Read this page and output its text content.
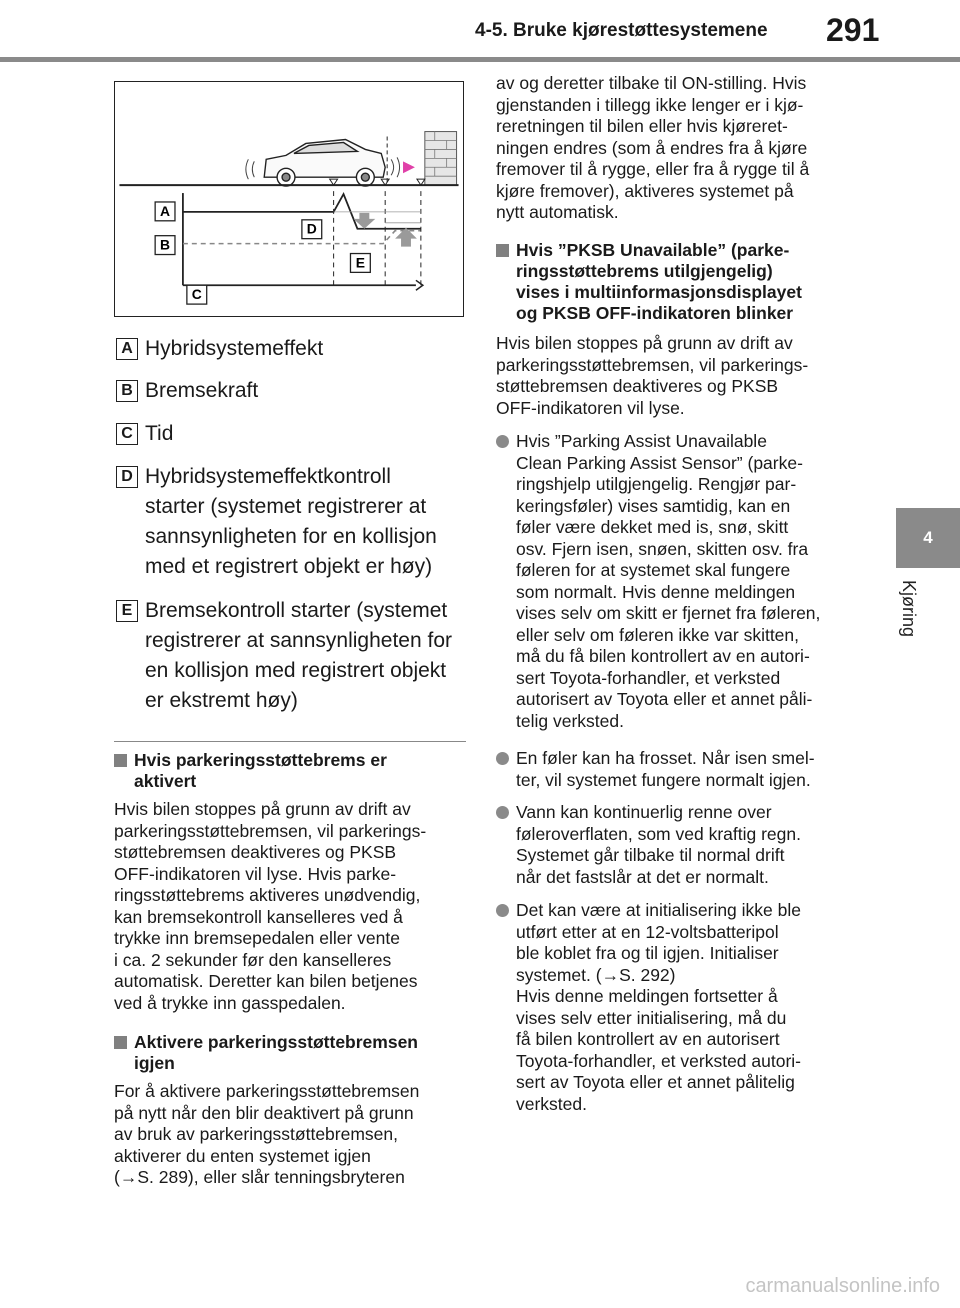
4-5. Bruke kjørestøttesystemene 291
4
Kjøring
A
B
C
D
E
A Hybridsystemeffekt
B Bremsekraft
C Tid
D Hybridsystemeffektkontroll
starter (systemet registrerer at
sannsynligheten for en kollisjon
med et registrert objekt er høy)
E Bremsekontroll starter (systemet
registrerer at sannsynligheten for
en kollisjon med registrert objekt
er ekstremt høy)
Hvis parkeringsstøttebrems er
aktivert
Hvis bilen stoppes på grunn av drift av
parkeringsstøttebremsen, vil parkerings-
støttebremsen deaktiveres og PKSB
OFF-indikatoren vil lyse. Hvis parke-
ringsstøttebrems aktiveres unødvendig,
kan bremsekontroll kanselleres ved å
trykke inn bremsepedalen eller vente
i ca. 2 sekunder før den kanselleres
automatisk. Deretter kan bilen betjenes
ved å trykke inn gasspedalen.
Aktivere parkeringsstøttebremsen
igjen
For å aktivere parkeringsstøttebremsen
på nytt når den blir deaktivert på grunn
av bruk av parkeringsstøttebremsen,
aktiverer du enten systemet igjen
(→S. 289), eller slår tenningsbryteren
av og deretter tilbake til ON-stilling. Hvis
gjenstanden i tillegg ikke lenger er i kjø-
reretningen til bilen eller hvis kjøreret-
ningen endres (som å endres fra å kjøre
fremover til å rygge, eller fra å rygge til å
kjøre fremover), aktiveres systemet på
nytt automatisk.
Hvis ”PKSB Unavailable” (parke-
ringsstøttebrems utilgjengelig)
vises i multiinformasjonsdisplayet
og PKSB OFF-indikatoren blinker
Hvis bilen stoppes på grunn av drift av
parkeringsstøttebremsen, vil parkerings-
støttebremsen deaktiveres og PKSB
OFF-indikatoren vil lyse.
Hvis ”Parking Assist Unavailable
Clean Parking Assist Sensor” (parke-
ringshjelp utilgjengelig. Rengjør par-
keringsføler) vises samtidig, kan en
føler være dekket med is, snø, skitt
osv. Fjern isen, snøen, skitten osv. fra
føleren for at systemet skal fungere
som normalt. Hvis denne meldingen
vises selv om skitt er fjernet fra føleren,
eller selv om føleren ikke var skitten,
må du få bilen kontrollert av en autori-
sert Toyota-forhandler, et verksted
autorisert av Toyota eller et annet påli-
telig verksted.
En føler kan ha frosset. Når isen smel-
ter, vil systemet fungere normalt igjen.
Vann kan kontinuerlig renne over
føleroverflaten, som ved kraftig regn.
Systemet går tilbake til normal drift
når det fastslår at det er normalt.
Det kan være at initialisering ikke ble
utført etter at en 12-voltsbatteripol
ble koblet fra og til igjen. Initialiser
systemet. (→S. 292)
Hvis denne meldingen fortsetter å
vises selv etter initialisering, må du
få bilen kontrollert av en autorisert
Toyota-forhandler, et verksted autori-
sert av Toyota eller et annet pålitelig
verksted.
carmanualsonline.info
